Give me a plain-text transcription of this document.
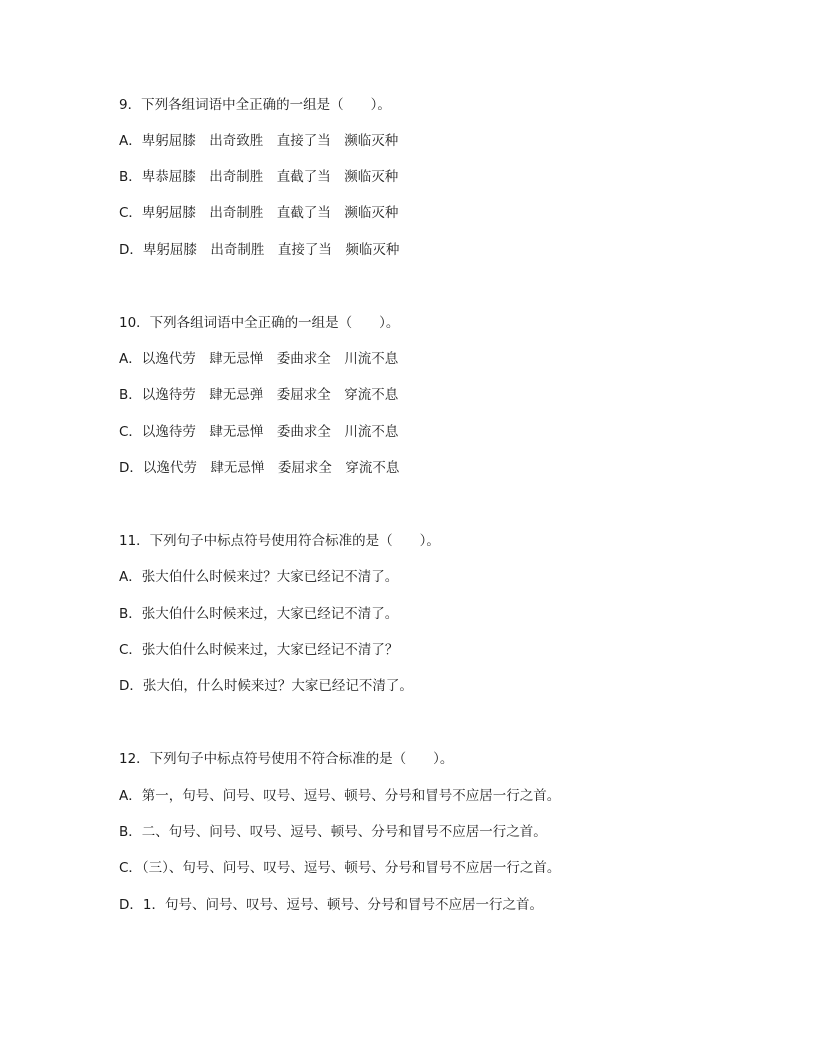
9．下列各组词语中全正确的一组是（　　）。
A．卑躬屈膝　出奇致胜　直接了当　濒临灭种
B．卑恭屈膝　出奇制胜　直截了当　濒临灭种
C．卑躬屈膝　出奇制胜　直截了当　濒临灭种
D．卑躬屈膝　出奇制胜　直接了当　频临灭种
10．下列各组词语中全正确的一组是（　　）。
A．以逸代劳　肆无忌惮　委曲求全　川流不息
B．以逸待劳　肆无忌弹　委屈求全　穿流不息
C．以逸待劳　肆无忌惮　委曲求全　川流不息
D．以逸代劳　肆无忌惮　委屈求全　穿流不息
11．下列句子中标点符号使用符合标准的是（　　）。
A．张大伯什么时候来过？大家已经记不清了。
B．张大伯什么时候来过，大家已经记不清了。
C．张大伯什么时候来过，大家已经记不清了？
D．张大伯，什么时候来过？大家已经记不清了。
12．下列句子中标点符号使用不符合标准的是（　　）。
A．第一，句号、问号、叹号、逗号、顿号、分号和冒号不应居一行之首。
B．二、句号、问号、叹号、逗号、顿号、分号和冒号不应居一行之首。
C．（三）、句号、问号、叹号、逗号、顿号、分号和冒号不应居一行之首。
D．1．句号、问号、叹号、逗号、顿号、分号和冒号不应居一行之首。
